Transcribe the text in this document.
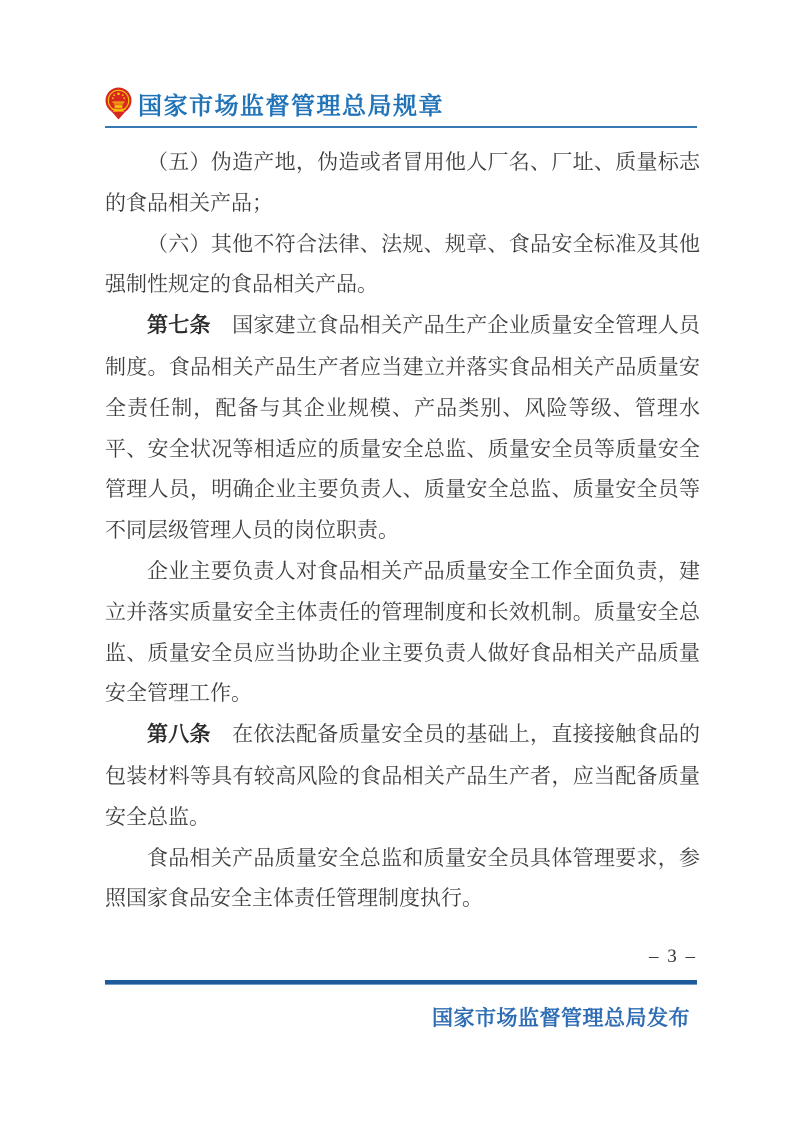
国家市场监督管理总局规章

（五）伪造产地，伪造或者冒用他人厂名、厂址、质量标志的食品相关产品；

（六）其他不符合法律、法规、规章、食品安全标准及其他强制性规定的食品相关产品。

第七条　国家建立食品相关产品生产企业质量安全管理人员制度。食品相关产品生产者应当建立并落实食品相关产品质量安全责任制，配备与其企业规模、产品类别、风险等级、管理水平、安全状况等相适应的质量安全总监、质量安全员等质量安全管理人员，明确企业主要负责人、质量安全总监、质量安全员等不同层级管理人员的岗位职责。

企业主要负责人对食品相关产品质量安全工作全面负责，建立并落实质量安全主体责任的管理制度和长效机制。质量安全总监、质量安全员应当协助企业主要负责人做好食品相关产品质量安全管理工作。

第八条　在依法配备质量安全员的基础上，直接接触食品的包装材料等具有较高风险的食品相关产品生产者，应当配备质量安全总监。

食品相关产品质量安全总监和质量安全员具体管理要求，参照国家食品安全主体责任管理制度执行。

– 3 –
国家市场监督管理总局发布
